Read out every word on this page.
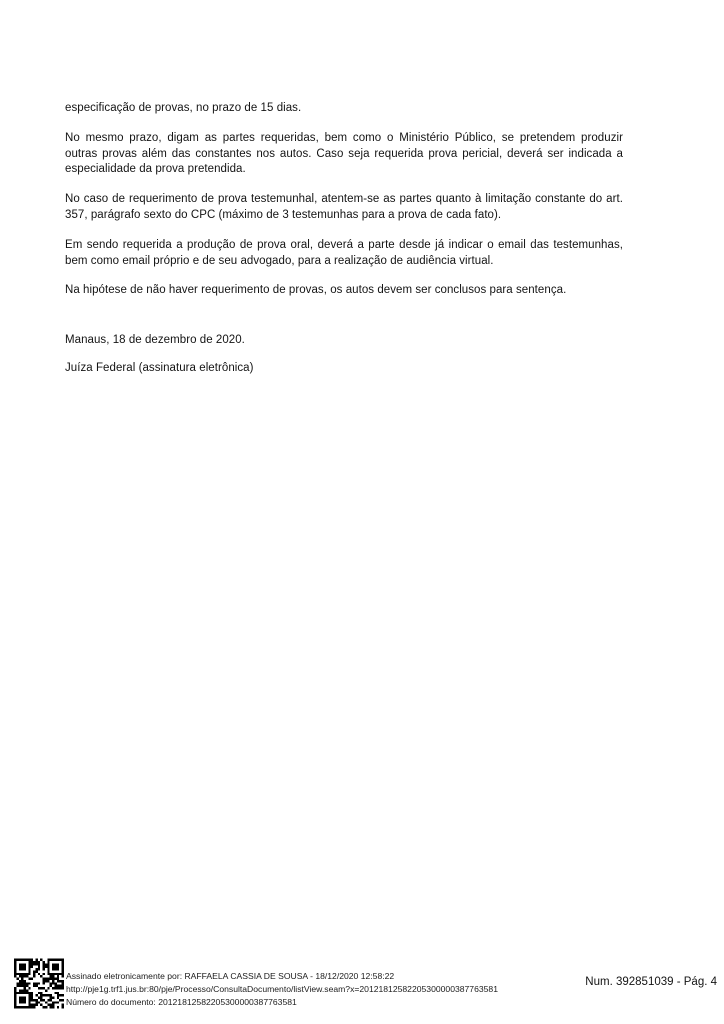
especificação de provas, no prazo de 15 dias.

No mesmo prazo, digam as partes requeridas, bem como o Ministério Público, se pretendem produzir outras provas além das constantes nos autos. Caso seja requerida prova pericial, deverá ser indicada a especialidade da prova pretendida.

No caso de requerimento de prova testemunhal, atentem-se as partes quanto à limitação constante do art. 357, parágrafo sexto do CPC (máximo de 3 testemunhas para a prova de cada fato).

Em sendo requerida a produção de prova oral, deverá a parte desde já indicar o email das testemunhas, bem como email próprio e de seu advogado, para a realização de audiência virtual.

Na hipótese de não haver requerimento de provas, os autos devem ser conclusos para sentença.

Manaus, 18 de dezembro de 2020.

Juíza Federal (assinatura eletrônica)

Assinado eletronicamente por: RAFFAELA CASSIA DE SOUSA - 18/12/2020 12:58:22
http://pje1g.trf1.jus.br:80/pje/Processo/ConsultaDocumento/listView.seam?x=20121812582205300000387763581
Número do documento: 20121812582205300000387763581
Num. 392851039 - Pág. 4
